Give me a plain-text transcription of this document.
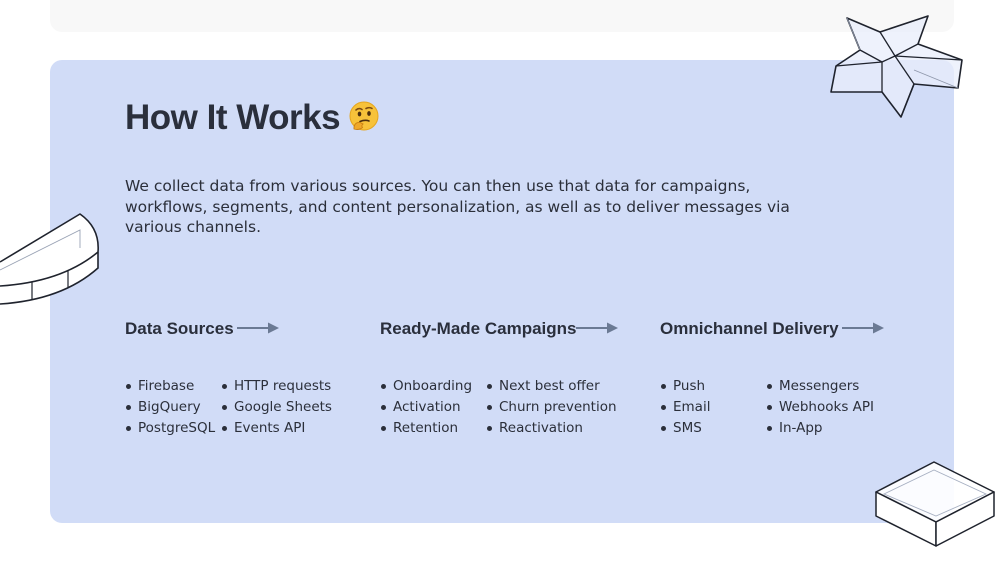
How It Works

We collect data from various sources. You can then use that data for campaigns, workflows, segments, and content personalization, as well as to deliver messages via various channels.

Data Sources
Firebase
BigQuery
PostgreSQL
HTTP requests
Google Sheets
Events API
Ready-Made Campaigns
Onboarding
Activation
Retention
Next best offer
Churn prevention
Reactivation
Omnichannel Delivery
Push
Email
SMS
Messengers
Webhooks API
In-App
